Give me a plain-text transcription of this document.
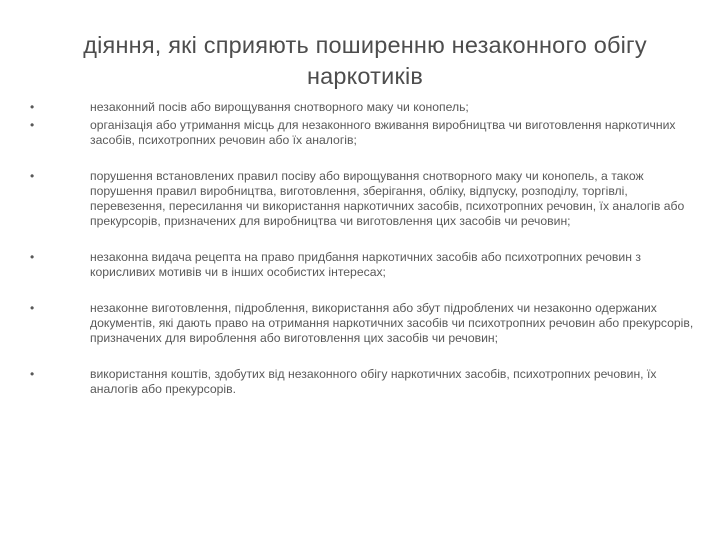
діяння, які сприяють поширенню незаконного обігу наркотиків
•	незаконний посів або вирощування снотворного маку чи конопель;
•	організація або утримання місць для незаконного вживання виробництва чи виготовлення наркотичних засобів, психотропних речовин або їх аналогів;
•	порушення встановлених правил посіву або вирощування снотворного маку чи конопель, а також порушення правил виробництва, виготовлення, зберігання, обліку, відпуску, розподілу, торгівлі, перевезення, пересилання чи використання наркотичних засобів, психотропних речовин, їх аналогів або прекурсорів, призначених для виробництва чи виготовлення цих засобів чи речовин;
•	незаконна видача рецепта на право придбання наркотичних засобів або психотропних речовин з корисливих мотивів чи в інших особистих інтересах;
•	незаконне виготовлення, підроблення, використання або збут підроблених чи незаконно одержаних документів, які дають право на отримання наркотичних засобів чи психотропних речовин або прекурсорів, призначених для вироблення або виготовлення цих засобів чи речовин;
•	використання коштів, здобутих від незаконного обігу наркотичних засобів, психотропних речовин, їх аналогів або прекурсорів.
